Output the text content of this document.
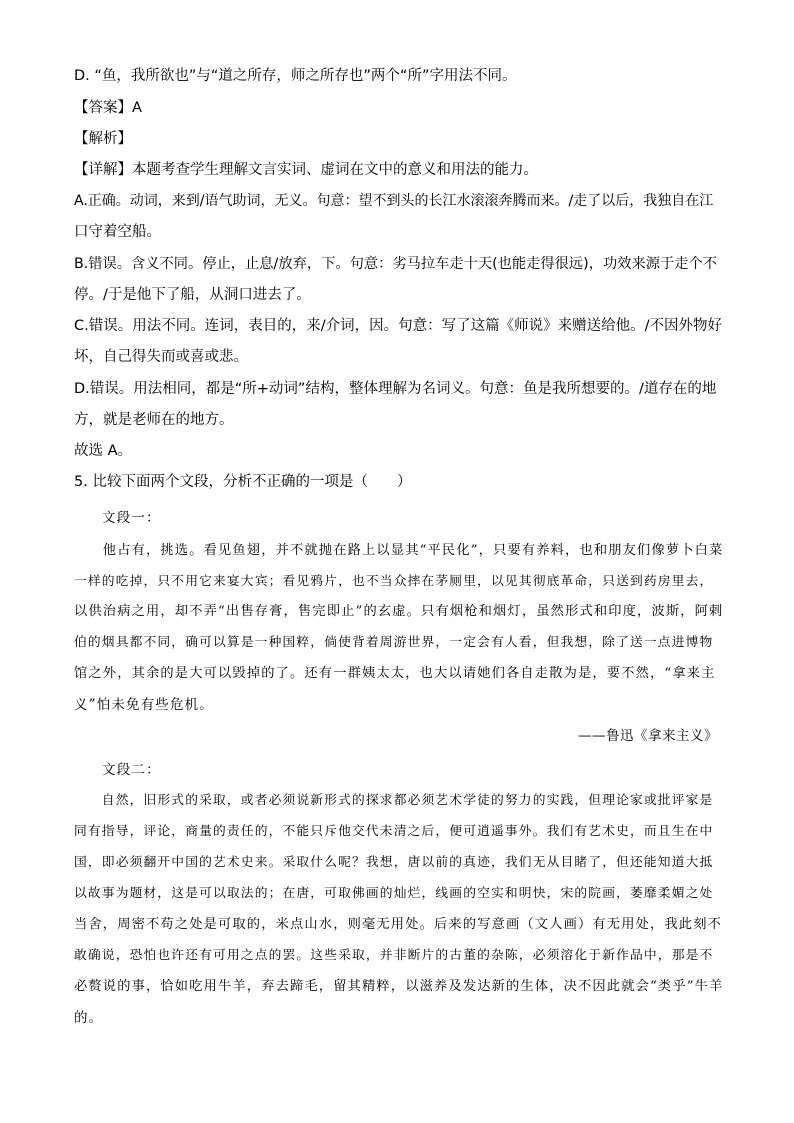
D. “鱼，我所欲也”与“道之所存，师之所存也”两个“所”字用法不同。
【答案】A
【解析】
【详解】本题考查学生理解文言实词、虚词在文中的意义和用法的能力。
A.正确。动词，来到/语气助词，无义。句意：望不到头的长江水滚滚奔腾而来。/走了以后，我独自在江
口守着空船。
B.错误。含义不同。停止，止息/放弃，下。句意：劣马拉车走十天(也能走得很远)，功效来源于走个不
停。/于是他下了船，从洞口进去了。
C.错误。用法不同。连词，表目的，来/介词，因。句意：写了这篇《师说》来赠送给他。/不因外物好
坏，自己得失而或喜或悲。
D.错误。用法相同，都是“所+动词”结构，整体理解为名词义。句意：鱼是我所想要的。/道存在的地
方，就是老师在的地方。
故选 A。
5. 比较下面两个文段，分析不正确的一项是（　　）
文段一：
　　他占有，挑选。看见鱼翅，并不就抛在路上以显其“平民化”，只要有养料，也和朋友们像萝卜白菜
一样的吃掉，只不用它来宴大宾；看见鸦片，也不当众摔在茅厕里，以见其彻底革命，只送到药房里去，
以供治病之用，却不弄“出售存膏，售完即止”的玄虚。只有烟枪和烟灯，虽然形式和印度，波斯，阿剌
伯的烟具都不同，确可以算是一种国粹，倘使背着周游世界，一定会有人看，但我想，除了送一点进博物
馆之外，其余的是大可以毁掉的了。还有一群姨太太，也大以请她们各自走散为是，要不然，“拿来主
义”怕未免有些危机。
——鲁迅《拿来主义》
文段二：
　　自然，旧形式的采取，或者必须说新形式的探求都必须艺术学徒的努力的实践，但理论家或批评家是
同有指导，评论，商量的责任的，不能只斥他交代未清之后，便可逍遥事外。我们有艺术史，而且生在中
国，即必须翻开中国的艺术史来。采取什么呢？我想，唐以前的真迹，我们无从目睹了，但还能知道大抵
以故事为题材，这是可以取法的；在唐，可取佛画的灿烂，线画的空实和明快，宋的院画，萎靡柔媚之处
当舍，周密不苟之处是可取的，米点山水，则毫无用处。后来的写意画（文人画）有无用处，我此刻不
敢确说，恐怕也许还有可用之点的罢。这些采取，并非断片的古董的杂陈，必须溶化于新作品中，那是不
必赘说的事，恰如吃用牛羊，弃去蹄毛，留其精粹，以滋养及发达新的生体，决不因此就会“类乎”牛羊
的。
